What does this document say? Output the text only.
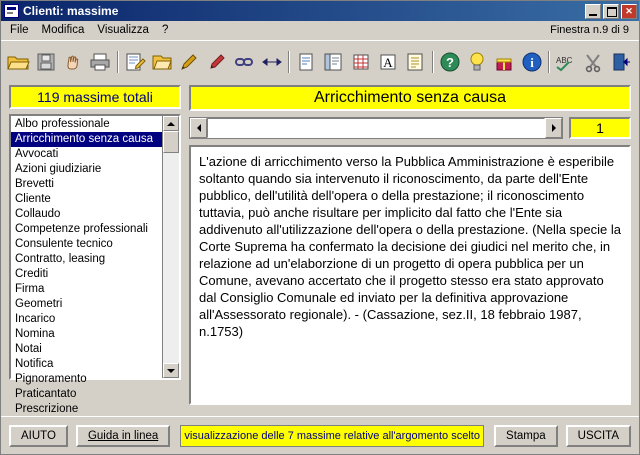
Clienti: massime	✕
File	Modifica	Visualizza	?	Finestra n.9 di 9
A	?	i	ABC
119 massime totali
Albo professionale
Arricchimento senza causa
Avvocati
Azioni giudiziarie
Brevetti
Cliente
Collaudo
Competenze professionali
Consulente tecnico
Contratto, leasing
Crediti
Firma
Geometri
Incarico
Nomina
Notai
Notifica
Pignoramento
Praticantato
Prescrizione
Arricchimento senza causa
1
L'azione di arricchimento verso la Pubblica Amministrazione è esperibile soltanto quando sia intervenuto il riconoscimento, da parte dell'Ente pubblico, dell'utilità dell'opera o della prestazione; il riconoscimento tuttavia, può anche risultare per implicito dal fatto che l'Ente sia addivenuto all'utilizzazione dell'opera o della prestazione. (Nella specie la Corte Suprema ha confermato la decisione dei giudici nel merito che, in relazione ad un'elaborzione di un progetto di opera pubblica per un Comune, avevano accertato che il progetto stesso era stato approvato dal Consiglio Comunale ed inviato per la definitiva approvazione all'Assessorato regionale). - (Cassazione, sez.II, 18 febbraio 1987, n.1753)
AIUTO	Guida in linea	visualizzazione delle 7 massime relative all'argomento scelto	Stampa	USCITA
